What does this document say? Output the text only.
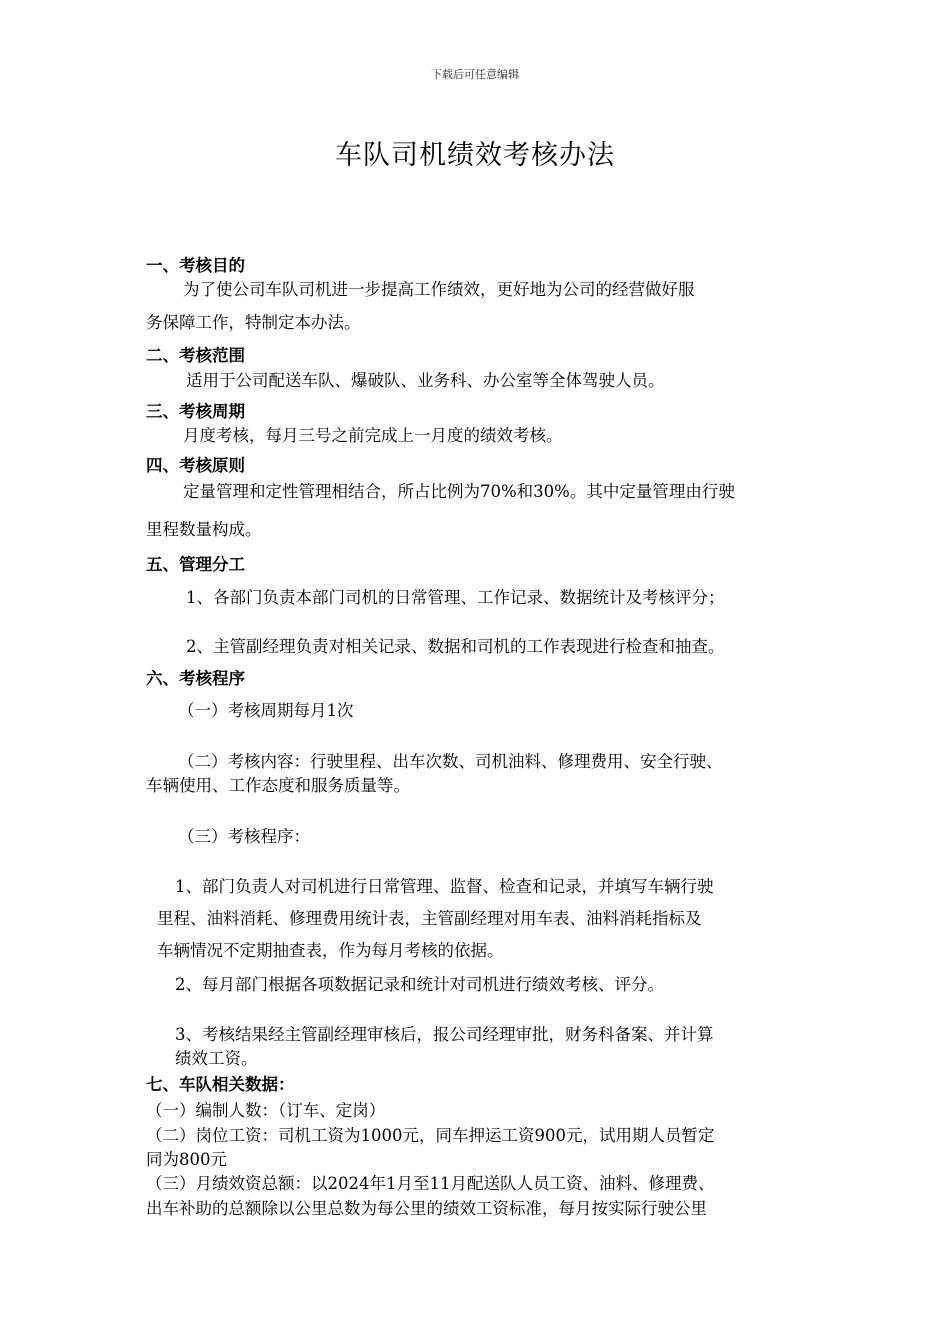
下载后可任意编辑
车队司机绩效考核办法
一、考核目的
为了使公司车队司机进一步提高工作绩效，更好地为公司的经营做好服
务保障工作，特制定本办法。
二、考核范围
适用于公司配送车队、爆破队、业务科、办公室等全体驾驶人员。
三、考核周期
月度考核，每月三号之前完成上一月度的绩效考核。
四、考核原则
定量管理和定性管理相结合，所占比例为70%和30%。其中定量管理由行驶
里程数量构成。
五、管理分工
1、各部门负责本部门司机的日常管理、工作记录、数据统计及考核评分；
2、主管副经理负责对相关记录、数据和司机的工作表现进行检查和抽查。
六、考核程序
（一）考核周期每月1次
（二）考核内容：行驶里程、出车次数、司机油料、修理费用、安全行驶、
车辆使用、工作态度和服务质量等。
（三）考核程序：
1、部门负责人对司机进行日常管理、监督、检查和记录，并填写车辆行驶
里程、油料消耗、修理费用统计表，主管副经理对用车表、油料消耗指标及
车辆情况不定期抽查表，作为每月考核的依据。
2、每月部门根据各项数据记录和统计对司机进行绩效考核、评分。
3、考核结果经主管副经理审核后，报公司经理审批，财务科备案、并计算
绩效工资。
七、车队相关数据：
（一）编制人数：（订车、定岗）
（二）岗位工资：司机工资为1000元，同车押运工资900元，试用期人员暂定
同为800元
（三）月绩效资总额：以2024年1月至11月配送队人员工资、油料、修理费、
出车补助的总额除以公里总数为每公里的绩效工资标准，每月按实际行驶公里
